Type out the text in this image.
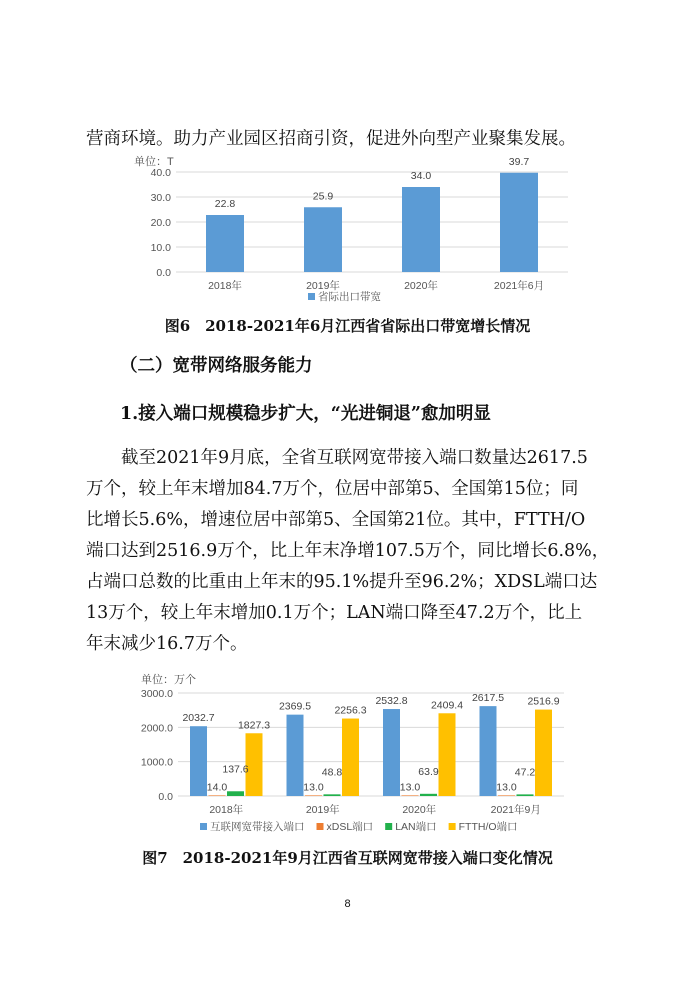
营商环境。助力产业园区招商引资，促进外向型产业聚集发展。
单位：T
0.0
10.0
20.0
30.0
40.0
22.8
25.9
34.0
39.7
2018年	2019年	2020年	2021年6月
省际出口带宽
图6　2018-2021年6月江西省省际出口带宽增长情况
（二）宽带网络服务能力
1.接入端口规模稳步扩大，“光进铜退”愈加明显
　　截至2021年9月底，全省互联网宽带接入端口数量达2617.5
万个，较上年末增加84.7万个，位居中部第5、全国第15位；同
比增长5.6%，增速位居中部第5、全国第21位。其中，FTTH/O
端口达到2516.9万个，比上年末净增107.5万个，同比增长6.8%，
占端口总数的比重由上年末的95.1%提升至96.2%；XDSL端口达
13万个，较上年末增加0.1万个；LAN端口降至47.2万个，比上
年末减少16.7万个。
单位：万个
0.0
1000.0
2000.0
3000.0
2032.7
14.0
137.6
1827.3
2369.5
13.0
48.8
2256.3
2532.8
13.0
63.9
2409.4
2617.5
13.0
47.2
2516.9
2018年	2019年	2020年	2021年9月
互联网宽带接入端口 xDSL端口 LAN端口 FTTH/O端口
图7　2018-2021年9月江西省互联网宽带接入端口变化情况
8
